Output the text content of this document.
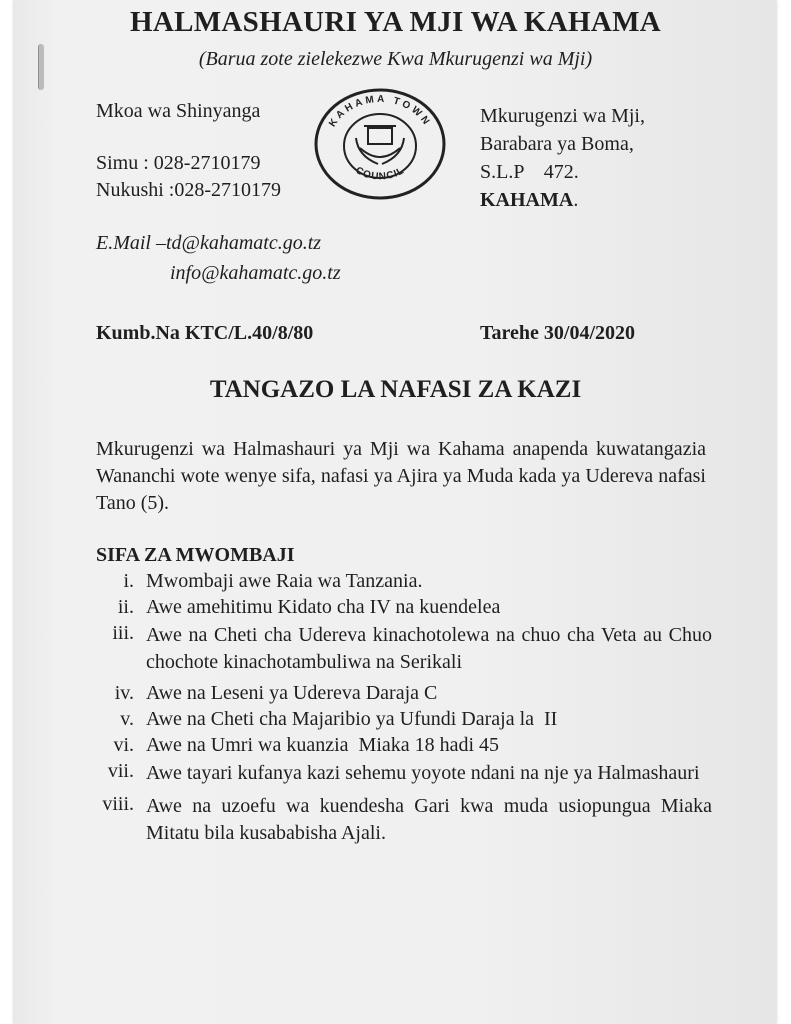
HALMASHAURI YA MJI WA KAHAMA
(Barua zote zielekezwe Kwa Mkurugenzi wa Mji)
Mkoa wa Shinyanga
Simu : 028-2710179
Nukushi :028-2710179
E.Mail –td@kahamatc.go.tz
info@kahamatc.go.tz
KAHAMA TOWN
COUNCIL
Mkurugenzi wa Mji,
Barabara ya Boma,
S.L.P    472.
KAHAMA.
Kumb.Na KTC/L.40/8/80	Tarehe 30/04/2020
TANGAZO LA NAFASI ZA KAZI
Mkurugenzi wa Halmashauri ya Mji wa Kahama anapenda kuwatangazia Wananchi wote wenye sifa, nafasi ya Ajira ya Muda kada ya Udereva nafasi Tano (5).
SIFA ZA MWOMBAJI
i. Mwombaji awe Raia wa Tanzania.
ii. Awe amehitimu Kidato cha IV na kuendelea
iii. Awe na Cheti cha Udereva kinachotolewa na chuo cha Veta au Chuo chochote kinachotambuliwa na Serikali
iv. Awe na Leseni ya Udereva Daraja C
v. Awe na Cheti cha Majaribio ya Ufundi Daraja la  II
vi. Awe na Umri wa kuanzia  Miaka 18 hadi 45
vii. Awe tayari kufanya kazi sehemu yoyote ndani na nje ya Halmashauri
viii. Awe na uzoefu wa kuendesha Gari kwa muda usiopungua Miaka Mitatu bila kusababisha Ajali.
